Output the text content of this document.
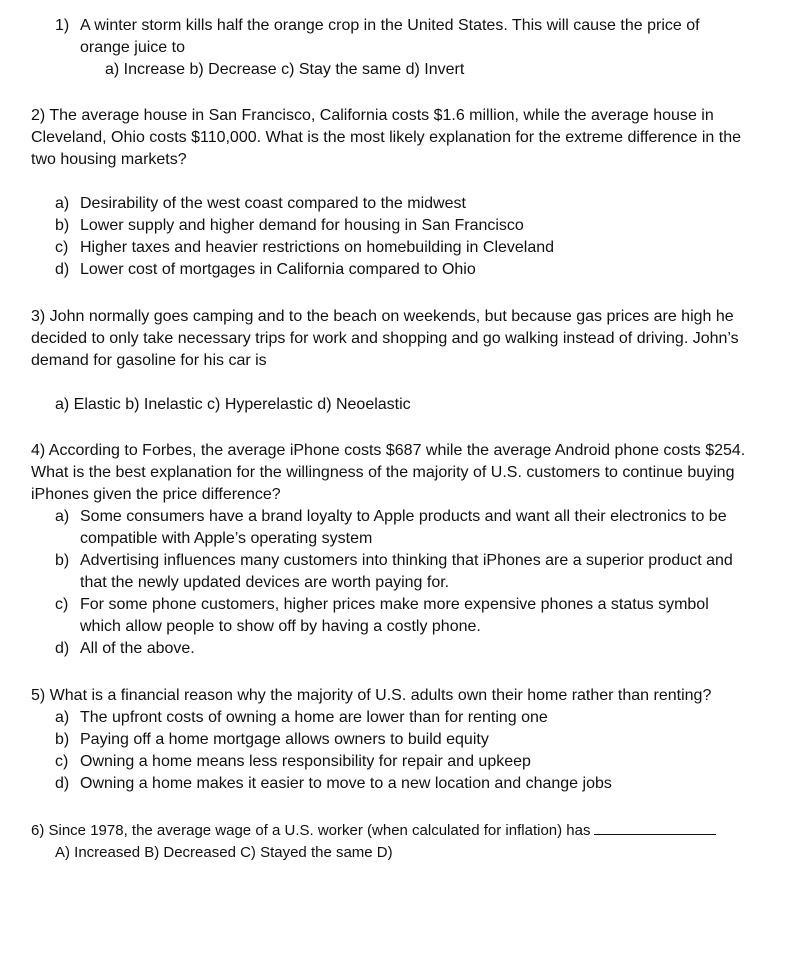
1) A winter storm kills half the orange crop in the United States. This will cause the price of
orange juice to
a) Increase b) Decrease c) Stay the same d) Invert
2) The average house in San Francisco, California costs $1.6 million, while the average house in
Cleveland, Ohio costs $110,000. What is the most likely explanation for the extreme difference in the
two housing markets?
a) Desirability of the west coast compared to the midwest
b) Lower supply and higher demand for housing in San Francisco
c) Higher taxes and heavier restrictions on homebuilding in Cleveland
d) Lower cost of mortgages in California compared to Ohio
3) John normally goes camping and to the beach on weekends, but because gas prices are high he
decided to only take necessary trips for work and shopping and go walking instead of driving. John’s
demand for gasoline for his car is
a) Elastic b) Inelastic c) Hyperelastic d) Neoelastic
4) According to Forbes, the average iPhone costs $687 while the average Android phone costs $254.
What is the best explanation for the willingness of the majority of U.S. customers to continue buying
iPhones given the price difference?
a) Some consumers have a brand loyalty to Apple products and want all their electronics to be
compatible with Apple’s operating system
b) Advertising influences many customers into thinking that iPhones are a superior product and
that the newly updated devices are worth paying for.
c) For some phone customers, higher prices make more expensive phones a status symbol
which allow people to show off by having a costly phone.
d) All of the above.
5) What is a financial reason why the majority of U.S. adults own their home rather than renting?
a) The upfront costs of owning a home are lower than for renting one
b) Paying off a home mortgage allows owners to build equity
c) Owning a home means less responsibility for repair and upkeep
d) Owning a home makes it easier to move to a new location and change jobs
6) Since 1978, the average wage of a U.S. worker (when calculated for inflation) has
A) Increased B) Decreased C) Stayed the same D)
